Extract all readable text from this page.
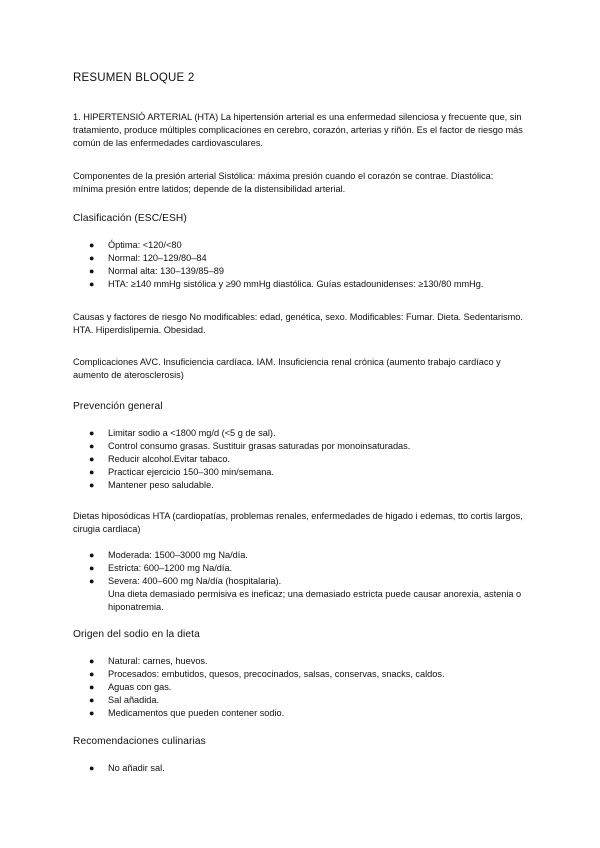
RESUMEN BLOQUE 2
1. HIPERTENSIÓ ARTERIAL (HTA) La hipertensión arterial es una enfermedad silenciosa y frecuente que, sin tratamiento, produce múltiples complicaciones en cerebro, corazón, arterias y riñón. Es el factor de riesgo más común de las enfermedades cardiovasculares.
Componentes de la presión arterial Sistólica: máxima presión cuando el corazón se contrae. Diastólica: mínima presión entre latidos; depende de la distensibilidad arterial.
Clasificación (ESC/ESH)
● Óptima: <120/<80
● Normal: 120–129/80–84
● Normal alta: 130–139/85–89
● HTA: ≥140 mmHg sistólica y ≥90 mmHg diastólica. Guías estadounidenses: ≥130/80 mmHg.
Causas y factores de riesgo No modificables: edad, genética, sexo. Modificables: Fumar. Dieta. Sedentarismo. HTA. Hiperdislipemia. Obesidad.
Complicaciones AVC. Insuficiencia cardíaca. IAM. Insuficiencia renal crónica (aumento trabajo cardíaco y aumento de aterosclerosis)
Prevención general
● Limitar sodio a <1800 mg/d (<5 g de sal).
● Control consumo grasas. Sustituir grasas saturadas por monoinsaturadas.
● Reducir alcohol.Evitar tabaco.
● Practicar ejercicio 150–300 min/semana.
● Mantener peso saludable.
Dietas hiposódicas HTA (cardiopatías, problemas renales, enfermedades de higado i edemas, tto cortis largos, cirugia cardiaca)
● Moderada: 1500–3000 mg Na/día.
● Estricta: 600–1200 mg Na/día.
● Severa: 400–600 mg Na/día (hospitalaria).
Una dieta demasiado permisiva es ineficaz; una demasiado estricta puede causar anorexia, astenia o hiponatremia.
Origen del sodio en la dieta
● Natural: carnes, huevos.
● Procesados: embutidos, quesos, precocinados, salsas, conservas, snacks, caldos.
● Aguas con gas.
● Sal añadida.
● Medicamentos que pueden contener sodio.
Recomendaciones culinarias
● No añadir sal.
